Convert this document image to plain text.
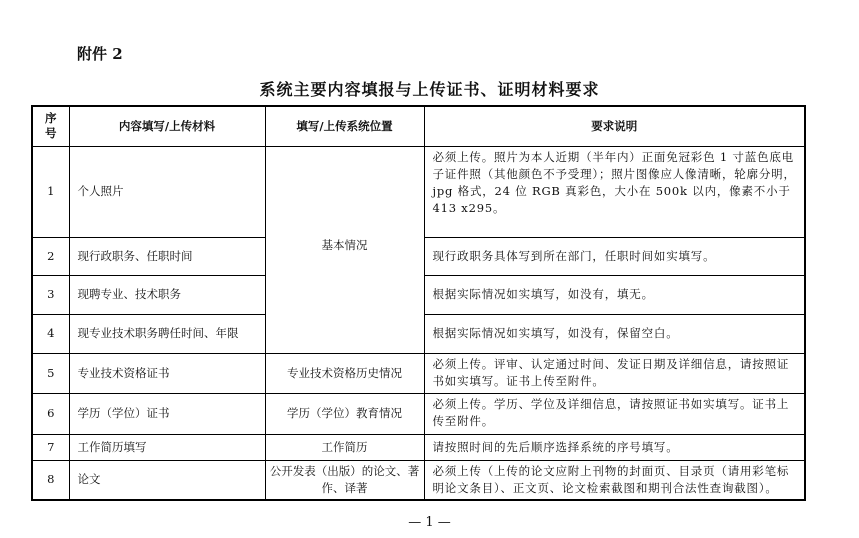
附件 2
系统主要内容填报与上传证书、证明材料要求
序号	内容填写/上传材料	填写/上传系统位置	要求说明
1	个人照片	基本情况	必须上传。照片为本人近期（半年内）正面免冠彩色 1 寸蓝色底电子证件照（其他颜色不予受理）；照片图像应人像清晰，轮廓分明，jpg 格式，24 位 RGB 真彩色，大小在 500k 以内，像素不小于 413 x295。
2	现行政职务、任职时间		现行政职务具体写到所在部门，任职时间如实填写。
3	现聘专业、技术职务		根据实际情况如实填写，如没有，填无。
4	现专业技术职务聘任时间、年限		根据实际情况如实填写，如没有，保留空白。
5	专业技术资格证书	专业技术资格历史情况	必须上传。评审、认定通过时间、发证日期及详细信息，请按照证书如实填写。证书上传至附件。
6	学历（学位）证书	学历（学位）教育情况	必须上传。学历、学位及详细信息，请按照证书如实填写。证书上传至附件。
7	工作简历填写	工作简历	请按照时间的先后顺序选择系统的序号填写。
8	论文	公开发表（出版）的论文、著作、译著	必须上传（上传的论文应附上刊物的封面页、目录页（请用彩笔标明论文条目）、正文页、论文检索截图和期刊合法性查询截图）。
— 1 —
